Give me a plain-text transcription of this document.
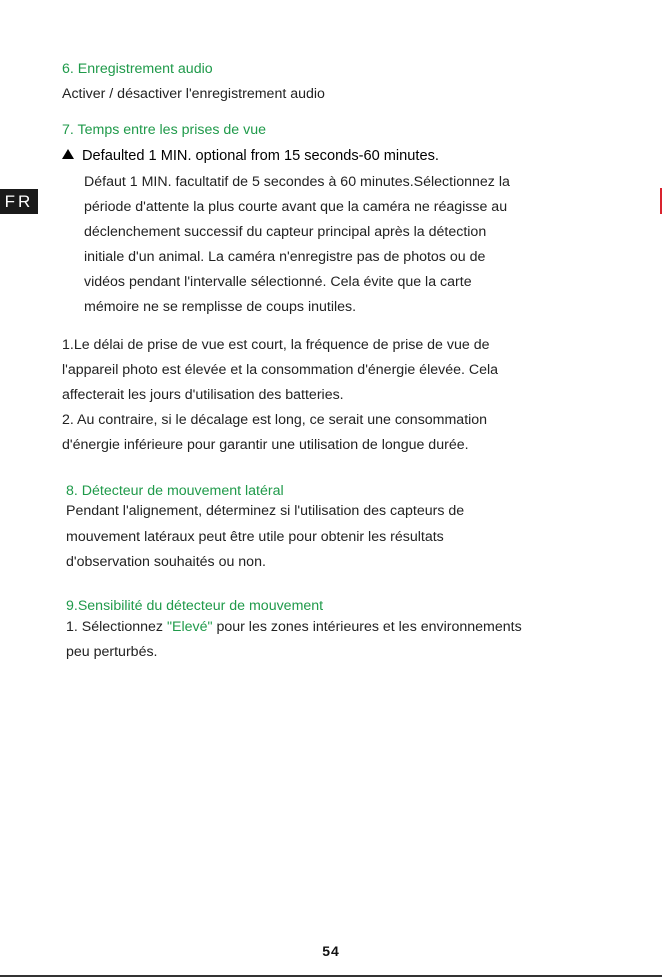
FR
6. Enregistrement audio
Activer / désactiver l'enregistrement audio
7. Temps entre les prises de vue
Defaulted 1 MIN. optional from 15 seconds-60 minutes.
Défaut 1 MIN. facultatif de 5 secondes à 60 minutes.Sélectionnez la
période d'attente la plus courte avant que la caméra ne réagisse au
déclenchement successif du capteur principal après la détection
initiale d'un animal. La caméra n'enregistre pas de photos ou de
vidéos pendant l'intervalle sélectionné. Cela évite que la carte
mémoire ne se remplisse de coups inutiles.
1.Le délai de prise de vue est court, la fréquence de prise de vue de
l'appareil photo est élevée et la consommation d'énergie élevée. Cela
affecterait les jours d'utilisation des batteries.
2. Au contraire, si le décalage est long, ce serait une consommation
d'énergie inférieure pour garantir une utilisation de longue durée.
8. Détecteur de mouvement latéral
Pendant l'alignement, déterminez si l'utilisation des capteurs de
mouvement latéraux peut être utile pour obtenir les résultats
d'observation souhaités ou non.
9.Sensibilité du détecteur de mouvement
1. Sélectionnez "Elevé" pour les zones intérieures et les environnements
peu perturbés.
54
